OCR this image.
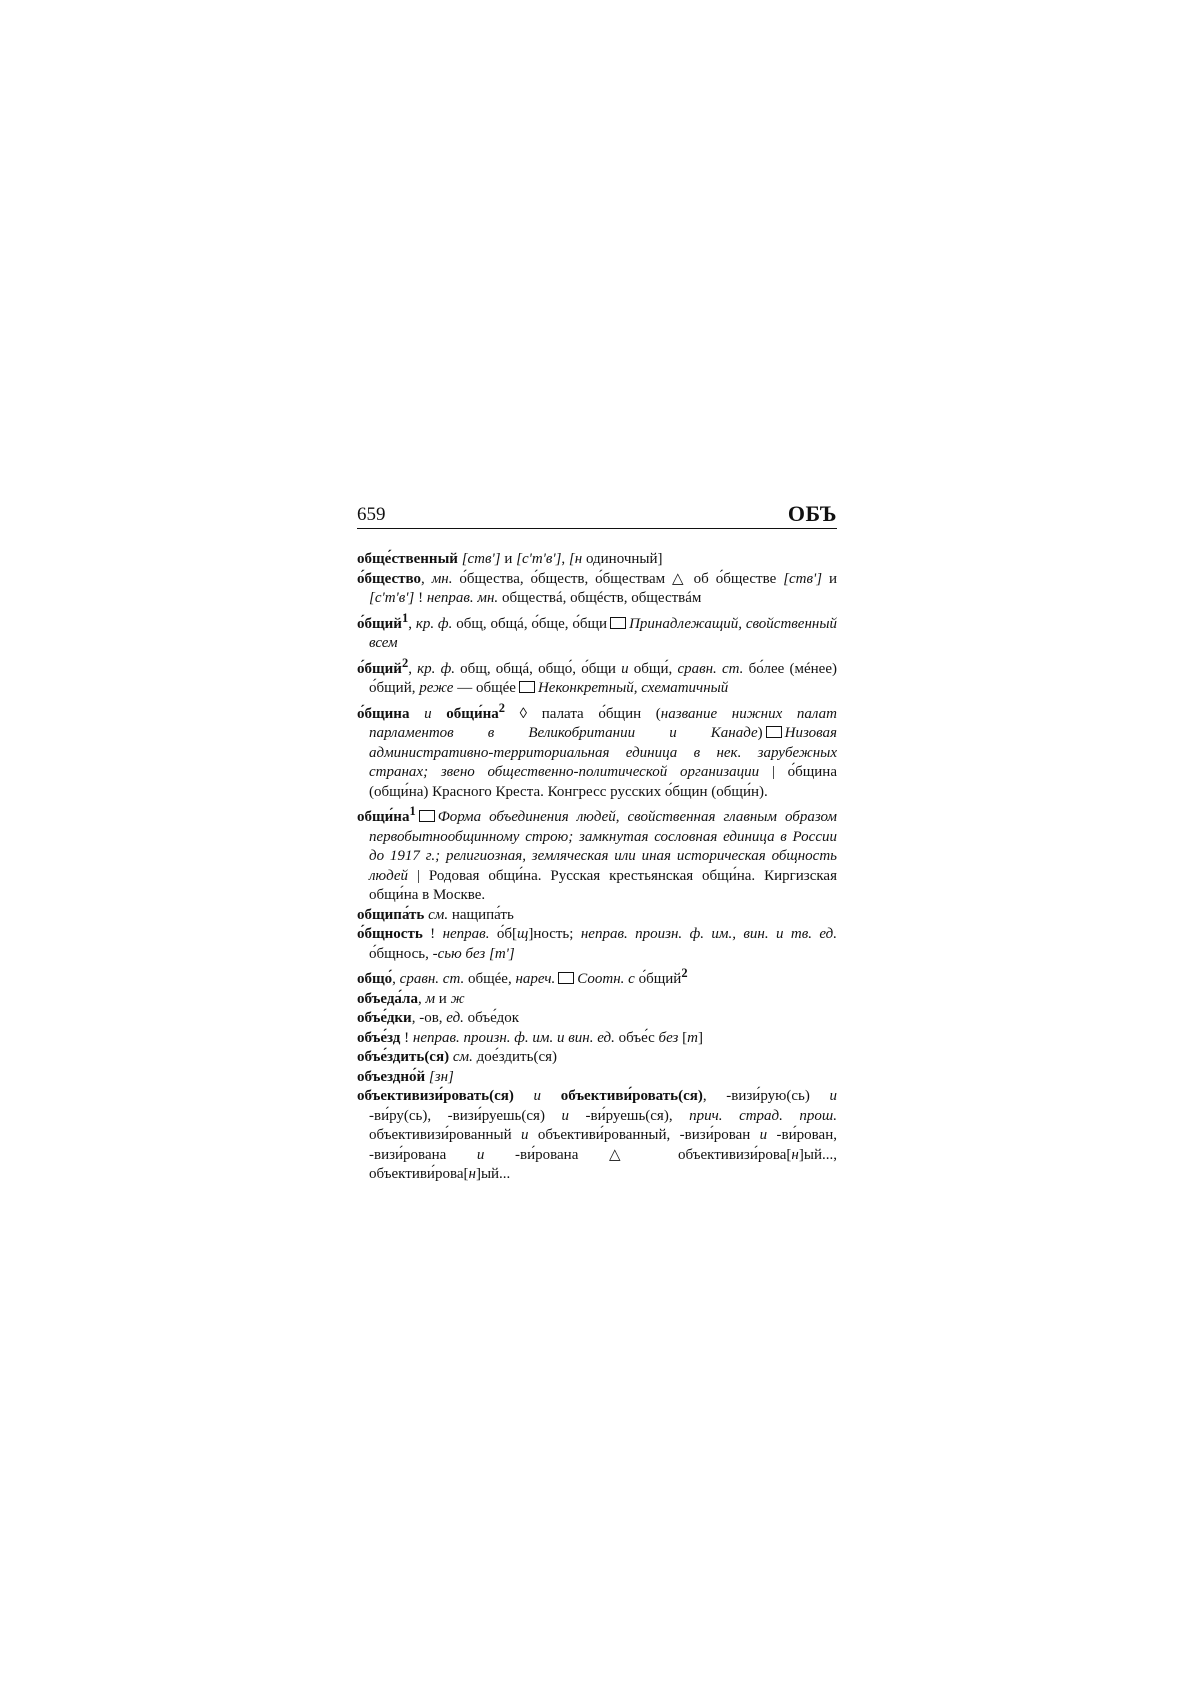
659	ОБЪ

обще́ственный [ств'] и [с'т'в'], [н одиночный]

о́бщество, мн. о́бщества, о́бществ, о́бществам △ об о́бществе [ств'] и [с'т'в'] ! неправ. мн. обществá, общéств, обществáм

о́бщий$^1$, кр. ф. общ, общá, о́бще, о́бщи Принадлежащий, свойственный всем

о́бщий$^2$, кр. ф. общ, общá, общо́, о́бщи и общи́, сравн. ст. бо́лее (мéнее) о́бщий, реже — общéе Неконкретный, схематичный

о́бщина и $общи́на^2$ ◊ палата о́бщин (название нижних палат парламентов в Великобритании и Канаде) Низовая административно-территориальная единица в нек. зарубежных странах; звено общественно-политической организации | о́бщина (общи́на) Красного Креста. Конгресс русских о́бщин (общи́н).

$общи́на^1$ Форма объединения людей, свойственная главным образом первобытнообщинному строю; замкнутая сословная единица в России до 1917 г.; религиозная, земляческая или иная историческая общность людей | Родовая общи́на. Русская крестьянская общи́на. Киргизская общи́на в Москве.

общипа́ть см. нащипа́ть

о́бщность ! неправ. о́б[щ]ность; неправ. произн. ф. им., вин. и тв. ед. о́бщнось, -сью без [т']

общо́, сравн. ст. общéе, нареч. Соотн. с о́бщий$^2$

объеда́ла, м и ж

объе́дки, -ов, ед. объе́док

объе́зд ! неправ. произн. ф. им. и вин. ед. объе́с без [т]

объе́здить(ся) см. дое́здить(ся)

объездно́й [зн]

объективизи́ровать(ся) и объективи́ровать(ся), -визи́рую(сь) и -ви́ру(сь), -визи́руешь(ся) и -ви́руешь(ся), прич. страд. прош. объективизи́рованный и объективи́рованный, -визи́рован и -ви́рован, -визи́рована и -ви́рована △ объективизи́рова[н]ый..., объективи́рова[н]ый...
